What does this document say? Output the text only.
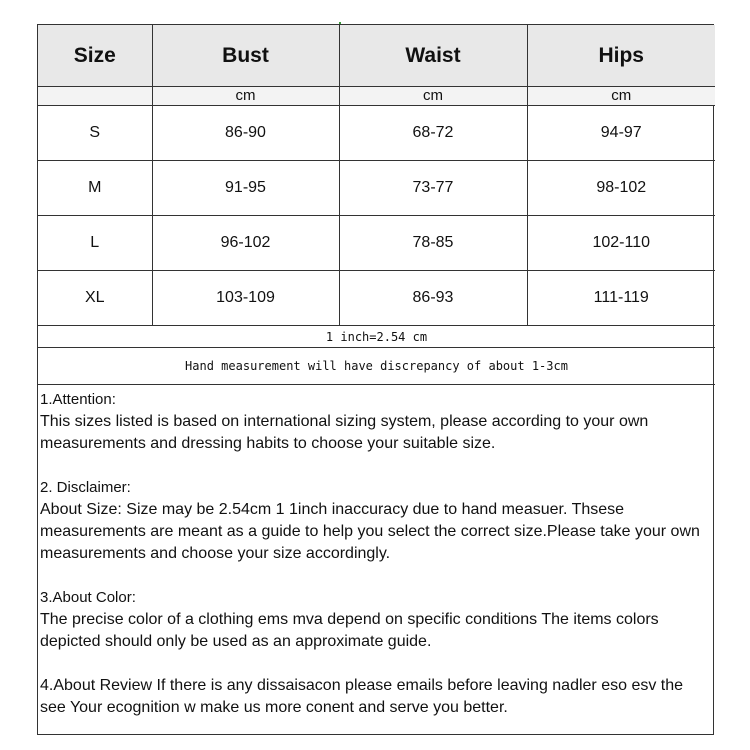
Size	Bust	Waist	Hips
	cm	cm	cm
S	86-90	68-72	94-97
M	91-95	73-77	98-102
L	96-102	78-85	102-110
XL	103-109	86-93	111-119
1 inch=2.54 cm			
Hand measurement will have discrepancy of about 1-3cm			

1.Attention:

This sizes listed is based on international sizing system, please according to your own measurements and dressing habits to choose your suitable size.

2. Disclaimer:

About Size: Size may be 2.54cm 1 1inch inaccuracy due to hand measuer. Thsese measurements are meant as a guide to help you select the correct size.Please take your own measurements and choose your size accordingly.

3.About Color:

The precise color of a clothing ems mva depend on specific conditions The items colors depicted should only be used as an approximate guide.

4.About Review If there is any dissaisacon please emails before leaving nadler eso esv the see Your ecognition w make us more conent and serve you better.
